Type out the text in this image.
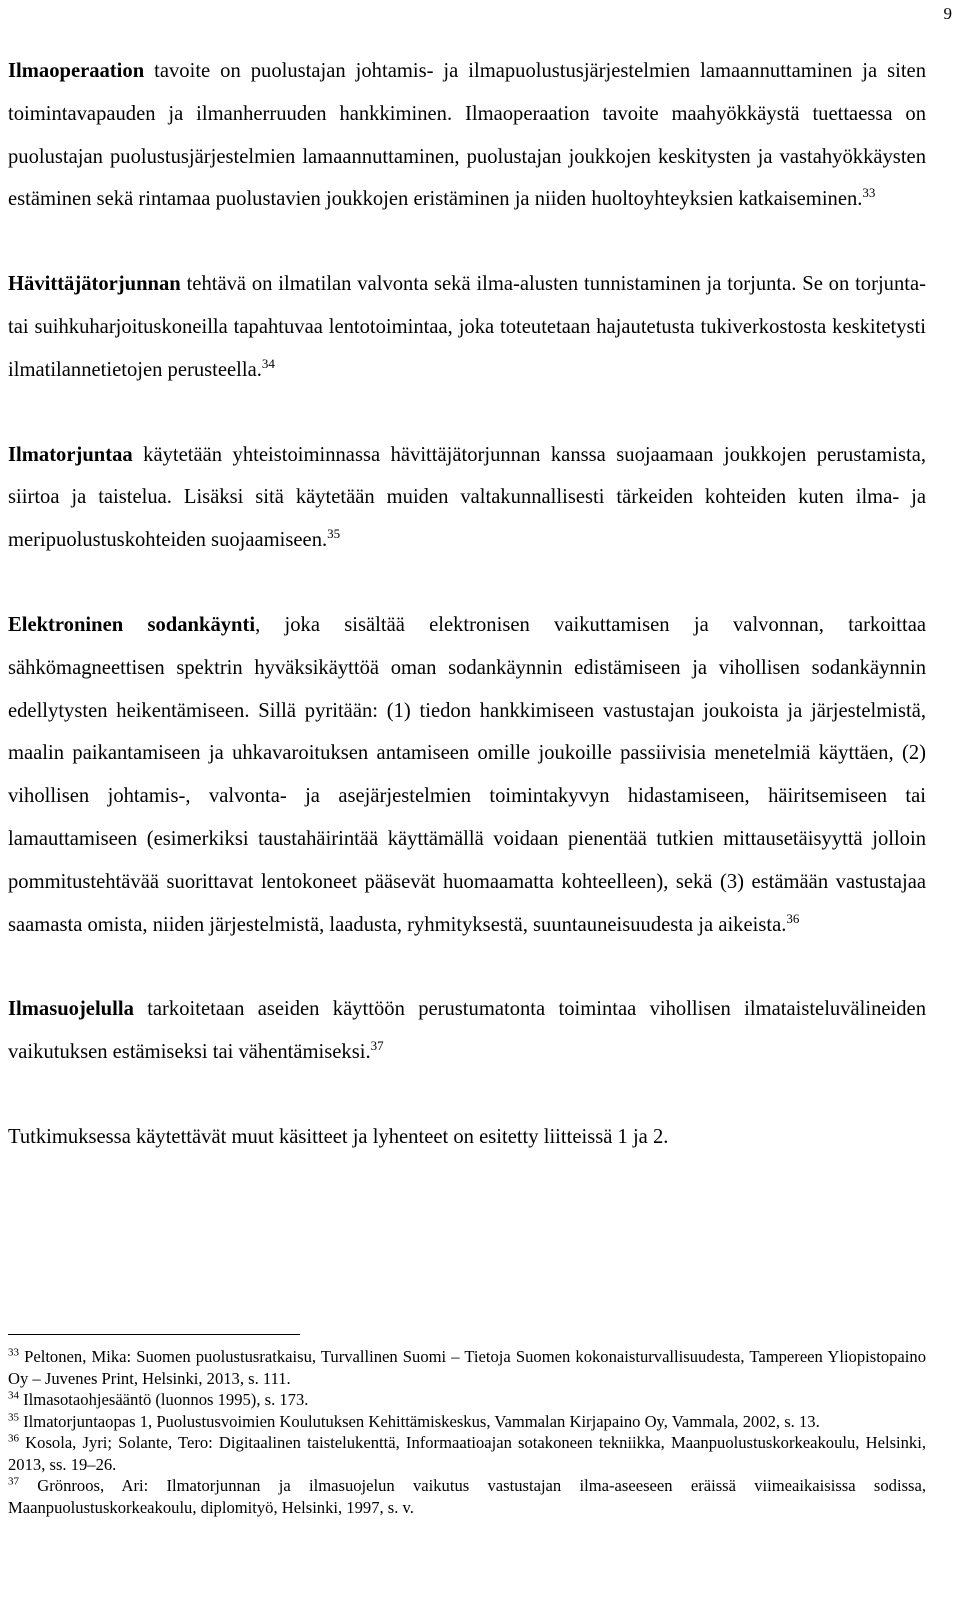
9

Ilmaoperaation tavoite on puolustajan johtamis- ja ilmapuolustusjärjestelmien lamaannuttaminen ja siten toimintavapauden ja ilmanherruuden hankkiminen. Ilmaoperaation tavoite maahyökkäystä tuettaessa on puolustajan puolustusjärjestelmien lamaannuttaminen, puolustajan joukkojen keskitysten ja vastahyökkäysten estäminen sekä rintamaa puolustavien joukkojen eristäminen ja niiden huoltoyhteyksien katkaiseminen.$^{33}$

Hävittäjätorjunnan tehtävä on ilmatilan valvonta sekä ilma-alusten tunnistaminen ja torjunta. Se on torjunta- tai suihkuharjoituskoneilla tapahtuvaa lentotoimintaa, joka toteutetaan hajautetusta tukiverkostosta keskitetysti ilmatilannetietojen perusteella.$^{34}$

Ilmatorjuntaa käytetään yhteistoiminnassa hävittäjätorjunnan kanssa suojaamaan joukkojen perustamista, siirtoa ja taistelua. Lisäksi sitä käytetään muiden valtakunnallisesti tärkeiden kohteiden kuten ilma- ja meripuolustuskohteiden suojaamiseen.$^{35}$

Elektroninen sodankäynti, joka sisältää elektronisen vaikuttamisen ja valvonnan, tarkoittaa sähkömagneettisen spektrin hyväksikäyttöä oman sodankäynnin edistämiseen ja vihollisen sodankäynnin edellytysten heikentämiseen. Sillä pyritään: (1) tiedon hankkimiseen vastustajan joukoista ja järjestelmistä, maalin paikantamiseen ja uhkavaroituksen antamiseen omille joukoille passiivisia menetelmiä käyttäen, (2) vihollisen johtamis-, valvonta- ja asejärjestelmien toimintakyvyn hidastamiseen, häiritsemiseen tai lamauttamiseen (esimerkiksi taustahäirintää käyttämällä voidaan pienentää tutkien mittausetäisyyttä jolloin pommitustehtävää suorittavat lentokoneet pääsevät huomaamatta kohteelleen), sekä (3) estämään vastustajaa saamasta omista, niiden järjestelmistä, laadusta, ryhmityksestä, suuntauneisuudesta ja aikeista.$^{36}$

Ilmasuojelulla tarkoitetaan aseiden käyttöön perustumatonta toimintaa vihollisen ilmataisteluvälineiden vaikutuksen estämiseksi tai vähentämiseksi.$^{37}$

Tutkimuksessa käytettävät muut käsitteet ja lyhenteet on esitetty liitteissä 1 ja 2.

$^{33}$ Peltonen, Mika: Suomen puolustusratkaisu, Turvallinen Suomi – Tietoja Suomen kokonaisturvallisuudesta, Tampereen Yliopistopaino Oy – Juvenes Print, Helsinki, 2013, s. 111.

$^{34}$ Ilmasotaohjesääntö (luonnos 1995), s. 173.

$^{35}$ Ilmatorjuntaopas 1, Puolustusvoimien Koulutuksen Kehittämiskeskus, Vammalan Kirjapaino Oy, Vammala, 2002, s. 13.

$^{36}$ Kosola, Jyri; Solante, Tero: Digitaalinen taistelukenttä, Informaatioajan sotakoneen tekniikka, Maanpuolustuskorkeakoulu, Helsinki, 2013, ss. 19–26.

$^{37}$ Grönroos, Ari: Ilmatorjunnan ja ilmasuojelun vaikutus vastustajan ilma-aseeseen eräissä viimeaikaisissa sodissa, Maanpuolustuskorkeakoulu, diplomityö, Helsinki, 1997, s. v.
